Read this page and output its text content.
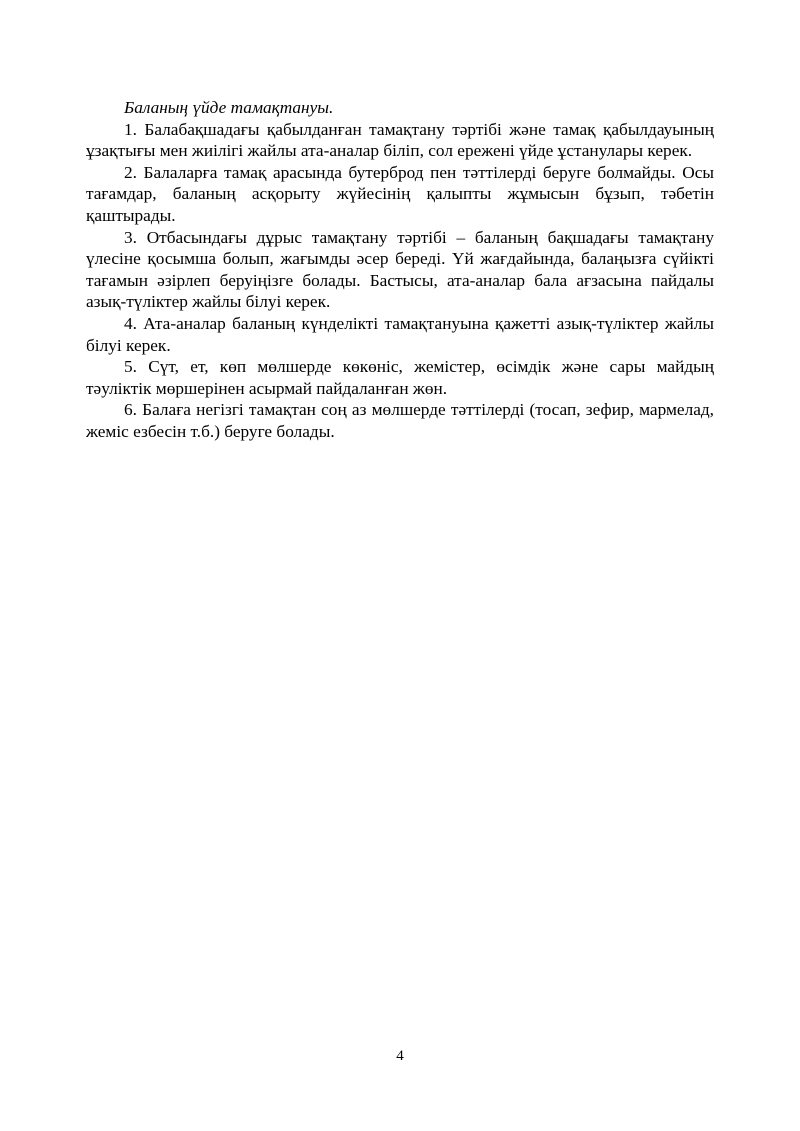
Баланың үйде тамақтануы.

1. Балабақшадағы қабылданған тамақтану тәртібі және тамақ қабылдауының ұзақтығы мен жиілігі жайлы ата-аналар біліп, сол ережені үйде ұстанулары керек.

2. Балаларға тамақ арасында бутерброд пен тәттілерді беруге болмайды. Осы тағамдар, баланың асқорыту жүйесінің қалыпты жұмысын бұзып, тәбетін қаштырады.

3. Отбасындағы дұрыс тамақтану тәртібі – баланың бақшадағы тамақтану үлесіне қосымша болып, жағымды әсер береді. Үй жағдайында, балаңызға сүйікті тағамын әзірлеп беруіңізге болады. Бастысы, ата-аналар бала ағзасына пайдалы азық-түліктер жайлы білуі керек.

4. Ата-аналар баланың күнделікті тамақтануына қажетті азық-түліктер жайлы білуі керек.

5. Сүт, ет, көп мөлшерде көкөніс, жемістер, өсімдік және сары майдың тәуліктік мөршерінен асырмай пайдаланған жөн.

6. Балаға негізгі тамақтан соң аз мөлшерде тәттілерді (тосап, зефир, мармелад, жеміс езбесін т.б.) беруге болады.

4
